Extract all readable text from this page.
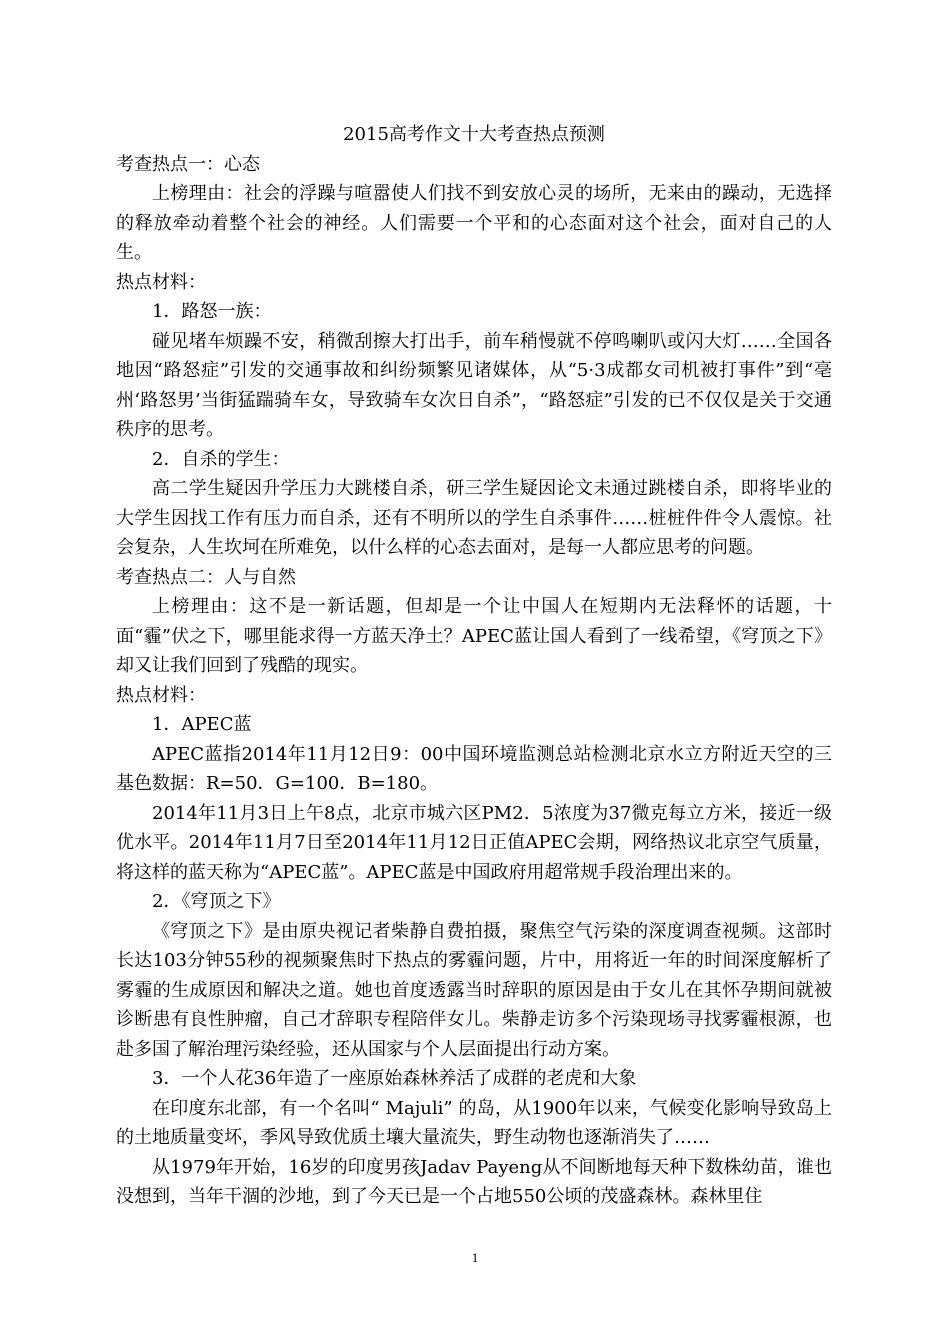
2015高考作文十大考查热点预测

考查热点一：心态

上榜理由：社会的浮躁与喧嚣使人们找不到安放心灵的场所，无来由的躁动，无选择的释放牵动着整个社会的神经。人们需要一个平和的心态面对这个社会，面对自己的人生。

热点材料：

1．路怒一族：

碰见堵车烦躁不安，稍微刮擦大打出手，前车稍慢就不停鸣喇叭或闪大灯……全国各地因“路怒症”引发的交通事故和纠纷频繁见诸媒体，从“5·3成都女司机被打事件”到“亳州‘路怒男’当街猛踹骑车女，导致骑车女次日自杀”，“路怒症”引发的已不仅仅是关于交通秩序的思考。

2．自杀的学生：

高二学生疑因升学压力大跳楼自杀，研三学生疑因论文未通过跳楼自杀，即将毕业的大学生因找工作有压力而自杀，还有不明所以的学生自杀事件……桩桩件件令人震惊。社会复杂，人生坎坷在所难免，以什么样的心态去面对，是每一人都应思考的问题。

考查热点二：人与自然

上榜理由：这不是一新话题，但却是一个让中国人在短期内无法释怀的话题，十面“霾”伏之下，哪里能求得一方蓝天净土？APEC蓝让国人看到了一线希望，《穹顶之下》却又让我们回到了残酷的现实。

热点材料：

1．APEC蓝

APEC蓝指2014年11月12日9：00中国环境监测总站检测北京水立方附近天空的三基色数据：R=50．G=100．B=180。

2014年11月3日上午8点，北京市城六区PM2．5浓度为37微克每立方米，接近一级优水平。2014年11月7日至2014年11月12日正值APEC会期，网络热议北京空气质量，将这样的蓝天称为“APEC蓝”。APEC蓝是中国政府用超常规手段治理出来的。

2．《穹顶之下》

《穹顶之下》是由原央视记者柴静自费拍摄，聚焦空气污染的深度调查视频。这部时长达103分钟55秒的视频聚焦时下热点的雾霾问题，片中，用将近一年的时间深度解析了雾霾的生成原因和解决之道。她也首度透露当时辞职的原因是由于女儿在其怀孕期间就被诊断患有良性肿瘤，自己才辞职专程陪伴女儿。柴静走访多个污染现场寻找雾霾根源，也赴多国了解治理污染经验，还从国家与个人层面提出行动方案。

3．一个人花36年造了一座原始森林养活了成群的老虎和大象

在印度东北部，有一个名叫“ Majuli” 的岛，从1900年以来，气候变化影响导致岛上的土地质量变坏，季风导致优质土壤大量流失，野生动物也逐渐消失了……

从1979年开始，16岁的印度男孩Jadav Payeng从不间断地每天种下数株幼苗，谁也没想到，当年干涸的沙地，到了今天已是一个占地550公顷的茂盛森林。森林里住

1
